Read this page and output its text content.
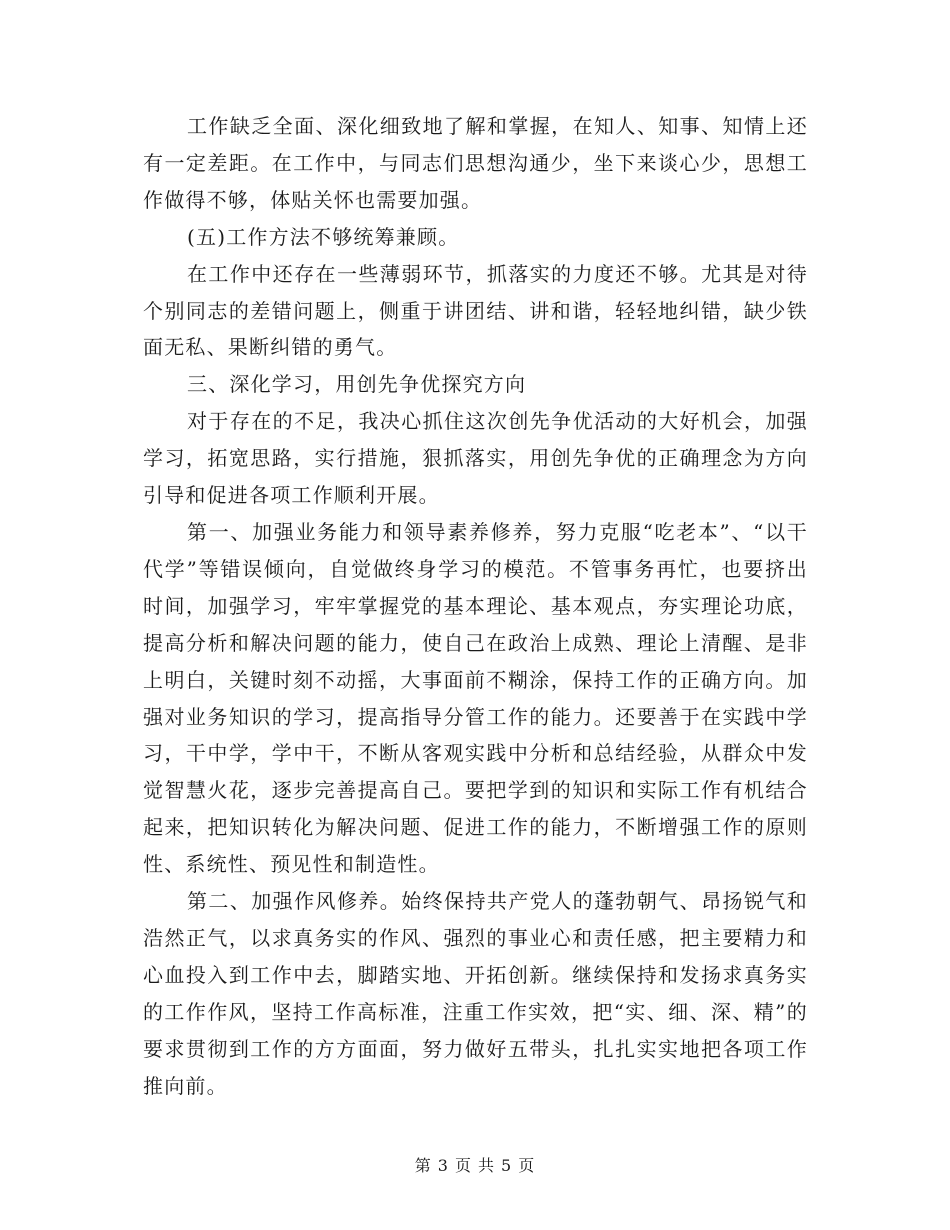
工作缺乏全面、深化细致地了解和掌握，在知人、知事、知情上还有一定差距。在工作中，与同志们思想沟通少，坐下来谈心少，思想工作做得不够，体贴关怀也需要加强。

(五)工作方法不够统筹兼顾。

在工作中还存在一些薄弱环节，抓落实的力度还不够。尤其是对待个别同志的差错问题上，侧重于讲团结、讲和谐，轻轻地纠错，缺少铁面无私、果断纠错的勇气。

三、深化学习，用创先争优探究方向

对于存在的不足，我决心抓住这次创先争优活动的大好机会，加强学习，拓宽思路，实行措施，狠抓落实，用创先争优的正确理念为方向引导和促进各项工作顺利开展。

第一、加强业务能力和领导素养修养，努力克服“吃老本”、“以干代学”等错误倾向，自觉做终身学习的模范。不管事务再忙，也要挤出时间，加强学习，牢牢掌握党的基本理论、基本观点，夯实理论功底，提高分析和解决问题的能力，使自己在政治上成熟、理论上清醒、是非上明白，关键时刻不动摇，大事面前不糊涂，保持工作的正确方向。加强对业务知识的学习，提高指导分管工作的能力。还要善于在实践中学习，干中学，学中干，不断从客观实践中分析和总结经验，从群众中发觉智慧火花，逐步完善提高自己。要把学到的知识和实际工作有机结合起来，把知识转化为解决问题、促进工作的能力，不断增强工作的原则性、系统性、预见性和制造性。

第二、加强作风修养。始终保持共产党人的蓬勃朝气、昂扬锐气和浩然正气，以求真务实的作风、强烈的事业心和责任感，把主要精力和心血投入到工作中去，脚踏实地、开拓创新。继续保持和发扬求真务实的工作作风，坚持工作高标准，注重工作实效，把“实、细、深、精”的要求贯彻到工作的方方面面，努力做好五带头，扎扎实实地把各项工作推向前。

第 3 页 共 5 页
